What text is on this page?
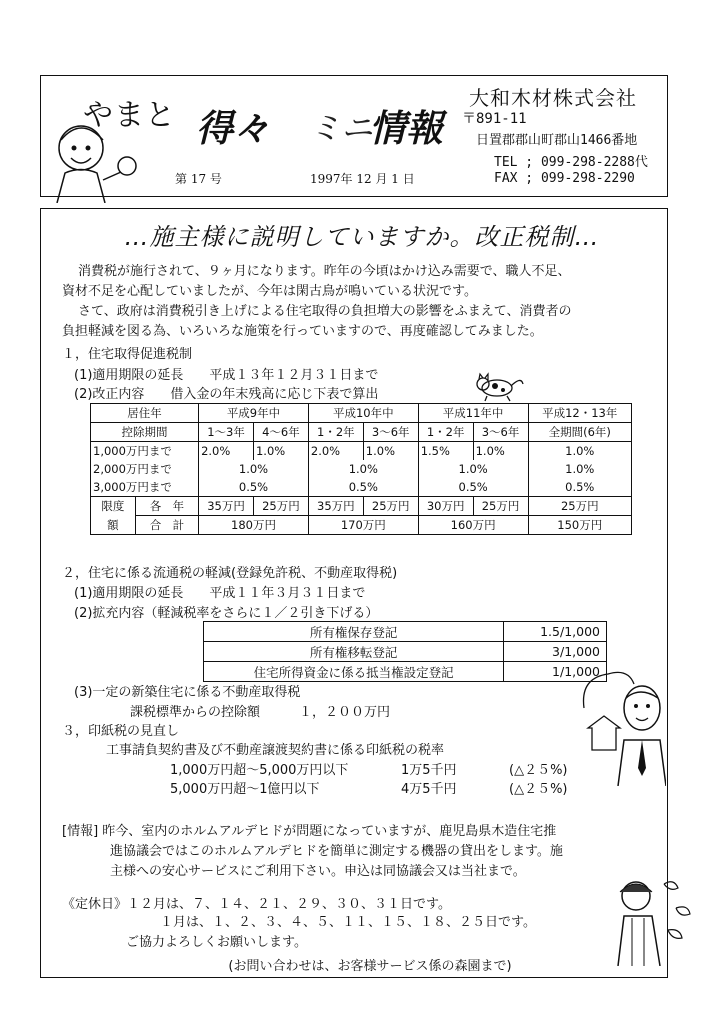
やまと 得々 ミニ
情報
大和木材株式会社
〒891-11
日置郡郡山町郡山1466番地
TEL ; 099-298-2288代
FAX ; 099-298-2290
第 17 号	1997年 12 月 1 日
…施主様に説明していますか。改正税制…
消費税が施行されて、９ヶ月になります。昨年の今頃はかけ込み需要で、職人不足、
資材不足を心配していましたが、今年は閑古鳥が鳴いている状況です。
さて、政府は消費税引き上げによる住宅取得の負担増大の影響をふまえて、消費者の
負担軽減を図る為、いろいろな施策を行っていますので、再度確認してみました。
１，住宅取得促進税制
(1)適用期限の延長　　平成１３年１２月３１日まで
(2)改正内容　　借入金の年末残高に応じ下表で算出
居住年		平成9年中		平成10年中		平成11年中		平成12・13年
控除期間		1～3年	4～6年	1・2年	3～6年	1・2年	3～6年	全期間(6年)
1,000万円まで		2.0%	1.0%	2.0%	1.0%	1.5%	1.0%	1.0%
2,000万円まで		1.0%		1.0%		1.0%		1.0%
3,000万円まで		0.5%		0.5%		0.5%		0.5%
限度	各　年	35万円	25万円	35万円	25万円	30万円	25万円	25万円
額	合　計	180万円		170万円		160万円		150万円
２，住宅に係る流通税の軽減(登録免許税、不動産取得税)
(1)適用期限の延長　　平成１１年３月３１日まで
(2)拡充内容（軽減税率をさらに１／２引き下げる）
所有権保存登記	1.5/1,000
所有権移転登記	3/1,000
住宅所得資金に係る抵当権設定登記	1/1,000
(3)一定の新築住宅に係る不動産取得税
課税標準からの控除額　　　１，２００万円
３，印紙税の見直し
工事請負契約書及び不動産譲渡契約書に係る印紙税の税率
1,000万円超～5,000万円以下	1万5千円	(△２５%)
5,000万円超～1億円以下	4万5千円	(△２５%)
[情報] 昨今、室内のホルムアルデヒドが問題になっていますが、鹿児島県木造住宅推
進協議会ではこのホルムアルデヒドを簡単に測定する機器の貸出をします。施
主様への安心サービスにご利用下さい。申込は同協議会又は当社まで。
《定休日》１２月は、７、１４、２１、２９、３０、３１日です。
１月は、１、２、３、４、５、１１、１５、１８、２５日です。
ご協力よろしくお願いします。
(お問い合わせは、お客様サービス係の森園まで)
